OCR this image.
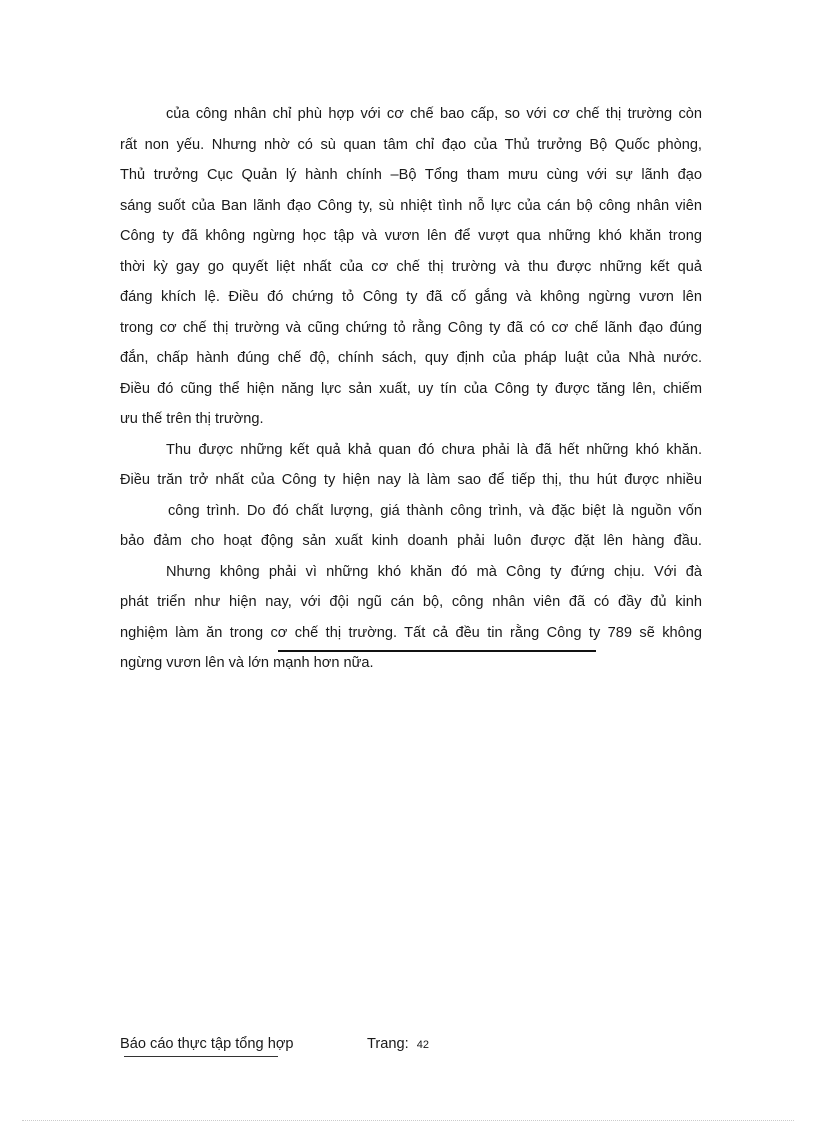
của công nhân chỉ phù hợp với cơ chế bao cấp, so với cơ chế thị trường còn
rất non yếu. Nhưng nhờ có sù quan tâm chỉ đạo của Thủ trưởng Bộ Quốc phòng,
Thủ trưởng Cục Quản lý hành chính –Bộ Tổng tham mưu cùng với sự lãnh đạo
sáng suốt của Ban lãnh đạo Công ty, sù nhiệt tình nỗ lực của cán bộ công nhân viên
Công ty đã không ngừng học tập và vươn lên để vượt qua những khó khăn trong
thời kỳ gay go quyết liệt nhất của cơ chế thị trường và thu được những kết quả
đáng khích lệ. Điều đó chứng tỏ Công ty đã cố gắng và không ngừng vươn lên
trong cơ chế thị trường và cũng chứng tỏ rằng Công ty đã có cơ chế lãnh đạo đúng
đắn, chấp hành đúng chế độ, chính sách, quy định của pháp luật của Nhà nước.
Điều đó cũng thể hiện năng lực sản xuất, uy tín của Công ty được tăng lên, chiếm
ưu thế trên thị trường.
Thu được những kết quả khả quan đó chưa phải là đã hết những khó khăn.
Điều trăn trở nhất của Công ty hiện nay là làm sao để tiếp thị, thu hút được nhiều
công trình. Do đó chất lượng, giá thành công trình, và đặc biệt là nguồn vốn
bảo đảm cho hoạt động sản xuất kinh doanh phải luôn được đặt lên hàng đầu.
Nhưng không phải vì những khó khăn đó mà Công ty đứng chịu. Với đà
phát triển như hiện nay, với đội ngũ cán bộ, công nhân viên đã có đầy đủ kinh
nghiệm làm ăn trong cơ chế thị trường. Tất cả đều tin rằng Công ty 789 sẽ không
ngừng vươn lên và lớn mạnh hơn nữa.
Báo cáo thực tập tổng hợp	Trang: 42
